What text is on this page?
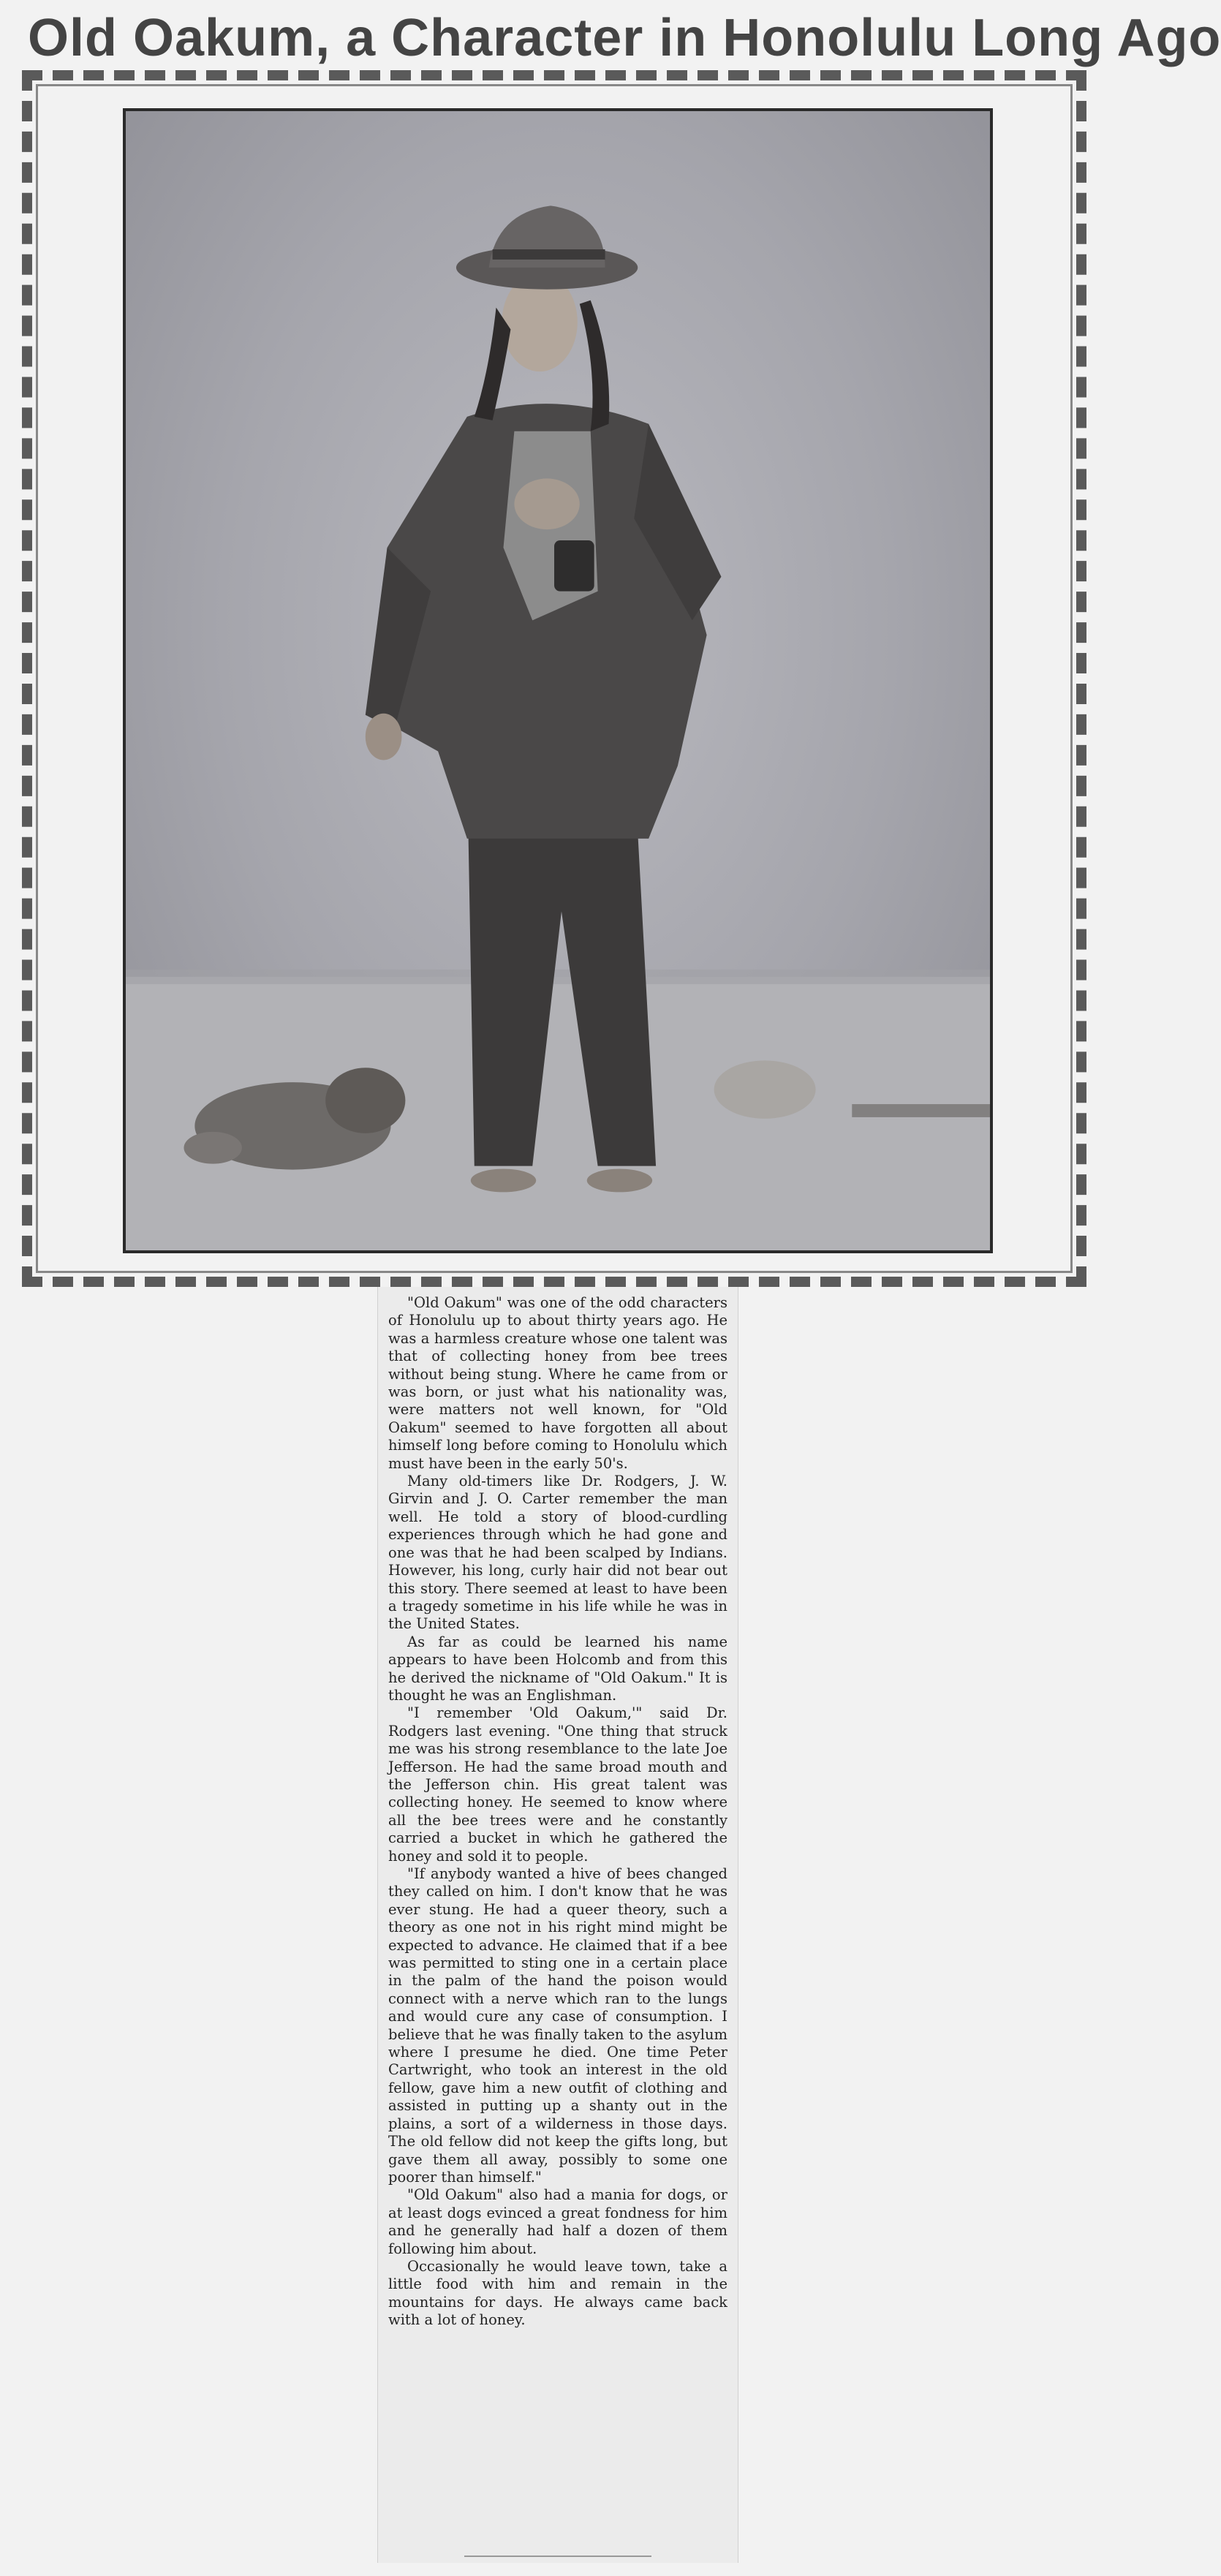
Old Oakum, a Character in Honolulu Long Ago

"Old Oakum" was one of the odd characters of Honolulu up to about thirty years ago. He was a harmless creature whose one talent was that of collecting honey from bee trees without being stung. Where he came from or was born, or just what his nationality was, were matters not well known, for "Old Oakum" seemed to have forgotten all about himself long before coming to Honolulu which must have been in the early 50's.

Many old-timers like Dr. Rodgers, J. W. Girvin and J. O. Carter remember the man well. He told a story of blood-curdling experiences through which he had gone and one was that he had been scalped by Indians. However, his long, curly hair did not bear out this story. There seemed at least to have been a tragedy sometime in his life while he was in the United States.

As far as could be learned his name appears to have been Holcomb and from this he derived the nickname of "Old Oakum." It is thought he was an Englishman.

"I remember 'Old Oakum,'" said Dr. Rodgers last evening. "One thing that struck me was his strong resemblance to the late Joe Jefferson. He had the same broad mouth and the Jefferson chin. His great talent was collecting honey. He seemed to know where all the bee trees were and he constantly carried a bucket in which he gathered the honey and sold it to people.

"If anybody wanted a hive of bees changed they called on him. I don't know that he was ever stung. He had a queer theory, such a theory as one not in his right mind might be expected to advance. He claimed that if a bee was permitted to sting one in a certain place in the palm of the hand the poison would connect with a nerve which ran to the lungs and would cure any case of consumption. I believe that he was finally taken to the asylum where I presume he died. One time Peter Cartwright, who took an interest in the old fellow, gave him a new outfit of clothing and assisted in putting up a shanty out in the plains, a sort of a wilderness in those days. The old fellow did not keep the gifts long, but gave them all away, possibly to some one poorer than himself."

"Old Oakum" also had a mania for dogs, or at least dogs evinced a great fondness for him and he generally had half a dozen of them following him about.

Occasionally he would leave town, take a little food with him and remain in the mountains for days. He always came back with a lot of honey.
